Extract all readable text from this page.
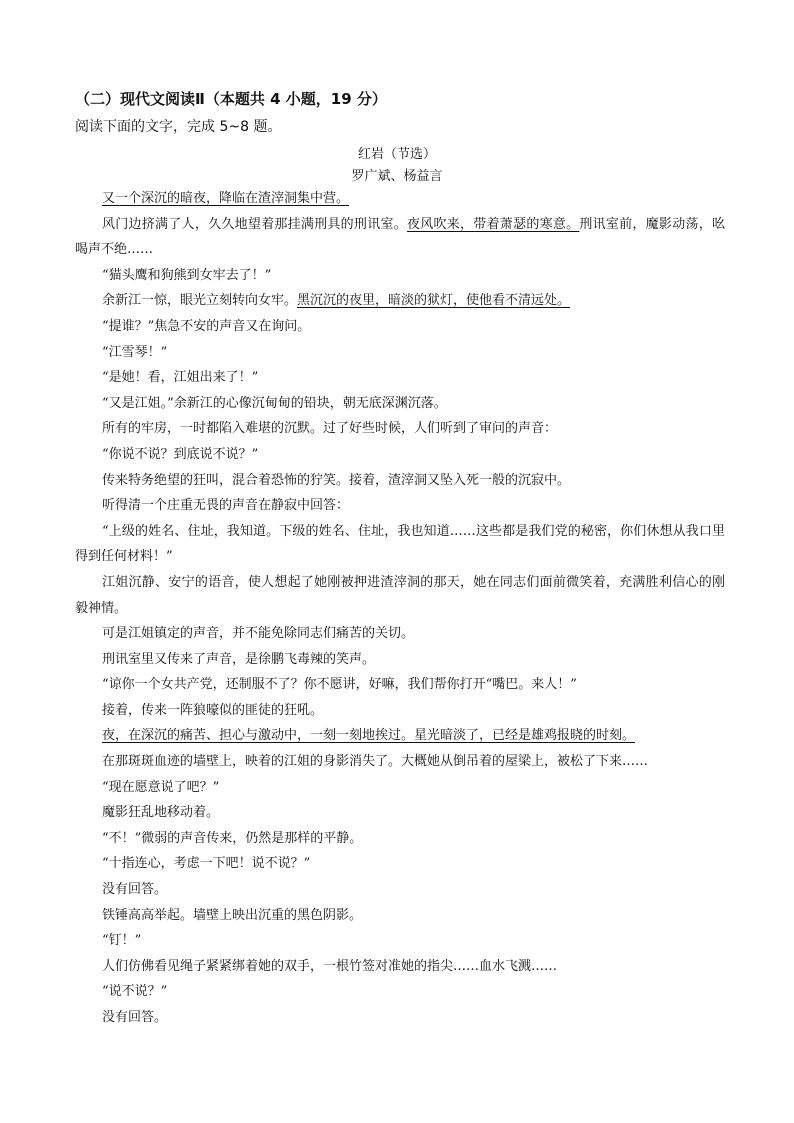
（二）现代文阅读Ⅱ（本题共 4 小题，19 分）
阅读下面的文字，完成 5~8 题。
红岩（节选）
罗广斌、杨益言

又一个深沉的暗夜，降临在渣滓洞集中营。

风门边挤满了人，久久地望着那挂满刑具的刑讯室。夜风吹来，带着萧瑟的寒意。刑讯室前，魔影动荡，吆喝声不绝……

“猫头鹰和狗熊到女牢去了！”

余新江一惊，眼光立刻转向女牢。黑沉沉的夜里，暗淡的狱灯，使他看不清远处。

“提谁？”焦急不安的声音又在询问。

“江雪琴！”

“是她！看，江姐出来了！”

“又是江姐。”余新江的心像沉甸甸的铅块，朝无底深渊沉落。

所有的牢房，一时都陷入难堪的沉默。过了好些时候，人们听到了审问的声音：

“你说不说？到底说不说？”

传来特务绝望的狂叫，混合着恐怖的狞笑。接着，渣滓洞又坠入死一般的沉寂中。

听得清一个庄重无畏的声音在静寂中回答：

“上级的姓名、住址，我知道。下级的姓名、住址，我也知道……这些都是我们党的秘密，你们休想从我口里得到任何材料！”

江姐沉静、安宁的语音，使人想起了她刚被押进渣滓洞的那天，她在同志们面前微笑着，充满胜利信心的刚毅神情。

可是江姐镇定的声音，并不能免除同志们痛苦的关切。

刑讯室里又传来了声音，是徐鹏飞毒辣的笑声。

“谅你一个女共产党，还制服不了？你不愿讲，好嘛，我们帮你打开“嘴巴。来人！”

接着，传来一阵狼嚎似的匪徒的狂吼。

夜，在深沉的痛苦、担心与激动中，一刻一刻地挨过。星光暗淡了，已经是雄鸡报晓的时刻。

在那斑斑血迹的墙壁上，映着的江姐的身影消失了。大概她从倒吊着的屋梁上，被松了下来……

“现在愿意说了吧？”

魔影狂乱地移动着。

“不！”微弱的声音传来，仍然是那样的平静。

“十指连心，考虑一下吧！说不说？”

没有回答。

铁锤高高举起。墙壁上映出沉重的黑色阴影。

“钉！”

人们仿佛看见绳子紧紧绑着她的双手，一根竹签对准她的指尖……血水飞溅……

“说不说？”

没有回答。
